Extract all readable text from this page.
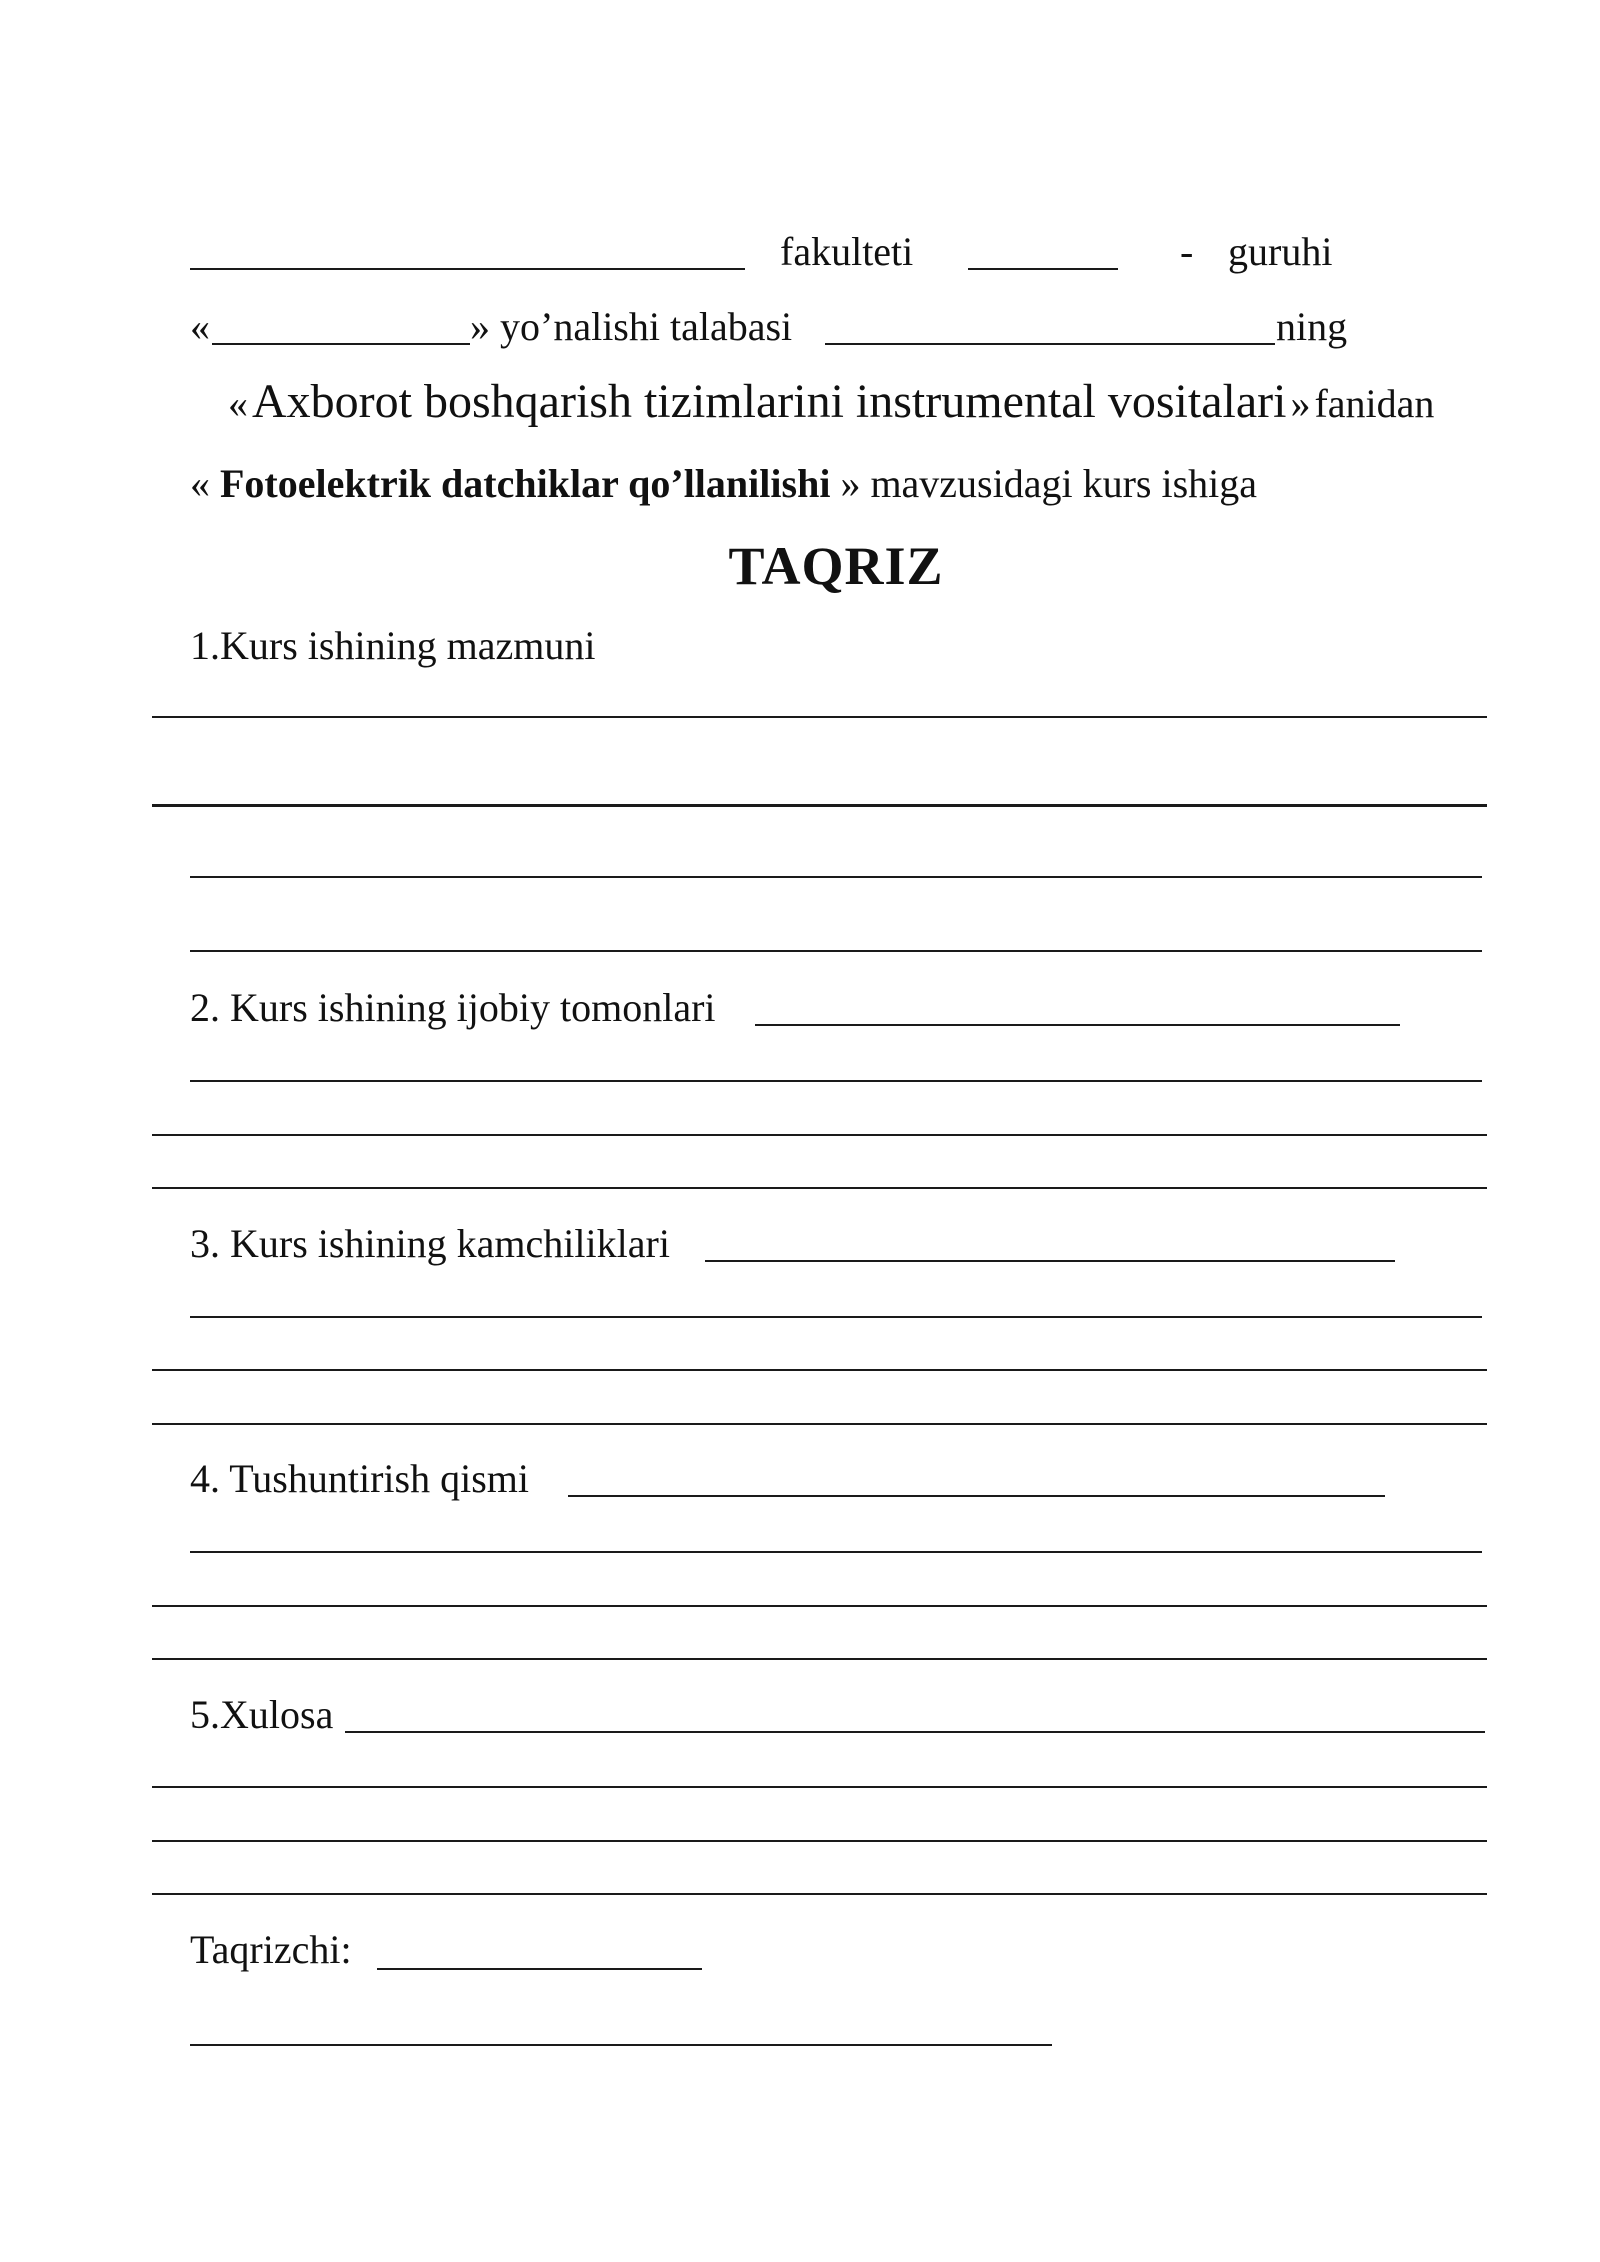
fakulteti	- guruhi
«	» yo’nalishi talabasi	ning
« Axborot boshqarish tizimlarini instrumental vositalari » fanidan
« Fotoelektrik datchiklar qo’llanilishi » mavzusidagi kurs ishiga
TAQRIZ
1.Kurs ishining mazmuni
2. Kurs ishining ijobiy tomonlari
3. Kurs ishining kamchiliklari
4. Tushuntirish qismi
5.Xulosa
Taqrizchi:
